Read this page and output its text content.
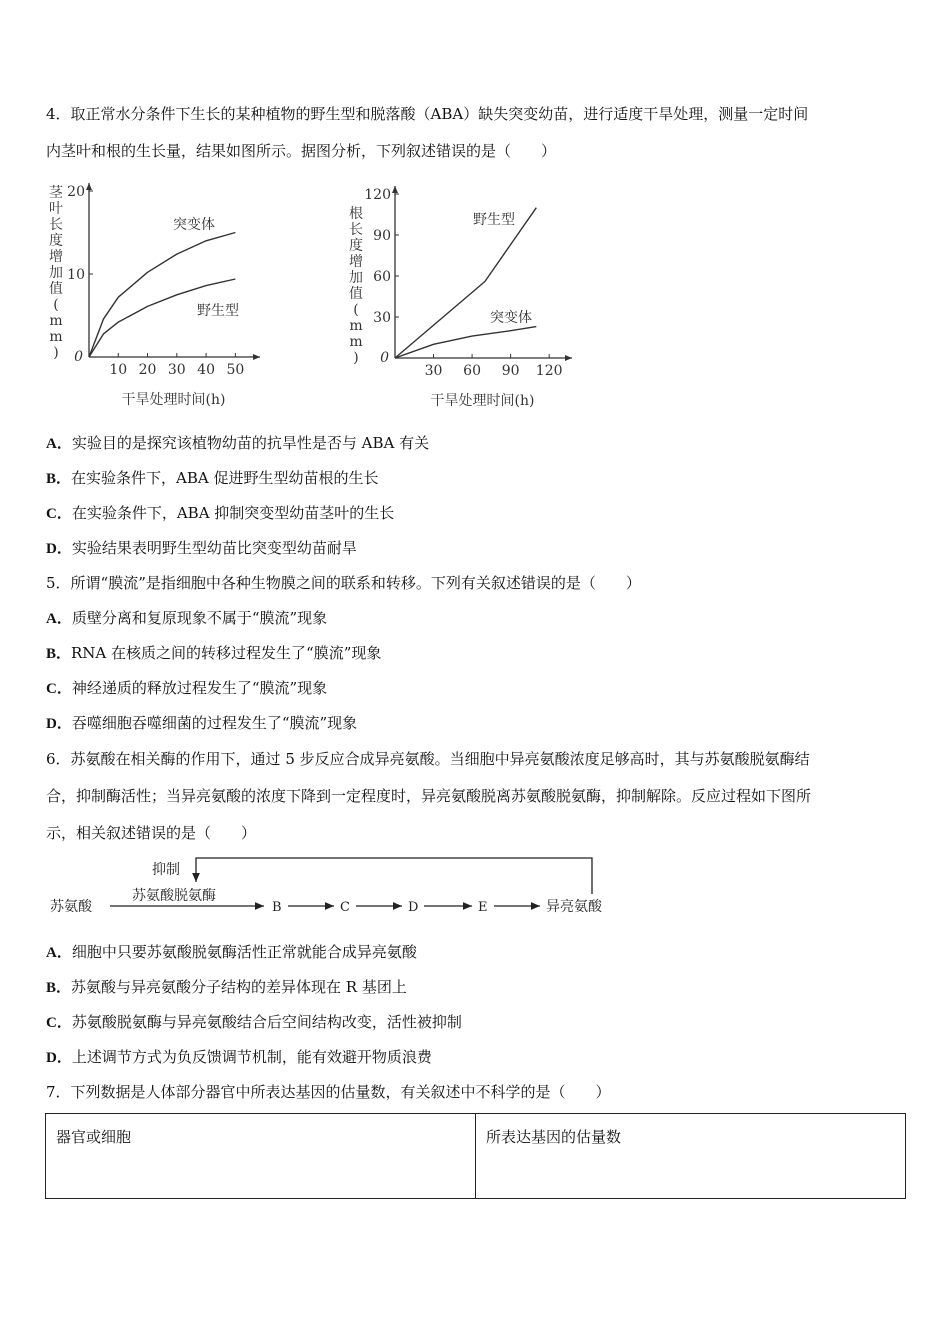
4．取正常水分条件下生长的某种植物的野生型和脱落酸（ABA）缺失突变幼苗，进行适度干旱处理，测量一定时间
内茎叶和根的生长量，结果如图所示。据图分析，下列叙述错误的是（　　）
10 20 30 40 50
10
20
0
茎叶长度增加值( m m )
干旱处理时间(h)
突变体
野生型
30 60 90 120
30
60
90
120
0
根长度增加值( m m )
干旱处理时间(h)
野生型
突变体
A．实验目的是探究该植物幼苗的抗旱性是否与 ABA 有关
B．在实验条件下，ABA 促进野生型幼苗根的生长
C．在实验条件下，ABA 抑制突变型幼苗茎叶的生长
D．实验结果表明野生型幼苗比突变型幼苗耐旱
5．所谓“膜流”是指细胞中各种生物膜之间的联系和转移。下列有关叙述错误的是（　　）
A．质壁分离和复原现象不属于“膜流”现象
B．RNA 在核质之间的转移过程发生了“膜流”现象
C．神经递质的释放过程发生了“膜流”现象
D．吞噬细胞吞噬细菌的过程发生了“膜流”现象
6．苏氨酸在相关酶的作用下，通过 5 步反应合成异亮氨酸。当细胞中异亮氨酸浓度足够高时，其与苏氨酸脱氨酶结
合，抑制酶活性；当异亮氨酸的浓度下降到一定程度时，异亮氨酸脱离苏氨酸脱氨酶，抑制解除。反应过程如下图所
示，相关叙述错误的是（　　）
抑制
苏氨酸脱氨酶
苏氨酸	B	C	D	E	异亮氨酸
A．细胞中只要苏氨酸脱氨酶活性正常就能合成异亮氨酸
B．苏氨酸与异亮氨酸分子结构的差异体现在 R 基团上
C．苏氨酸脱氨酶与异亮氨酸结合后空间结构改变，活性被抑制
D．上述调节方式为负反馈调节机制，能有效避开物质浪费
7．下列数据是人体部分器官中所表达基因的估量数，有关叙述中不科学的是（　　）
器官或细胞	所表达基因的估量数
